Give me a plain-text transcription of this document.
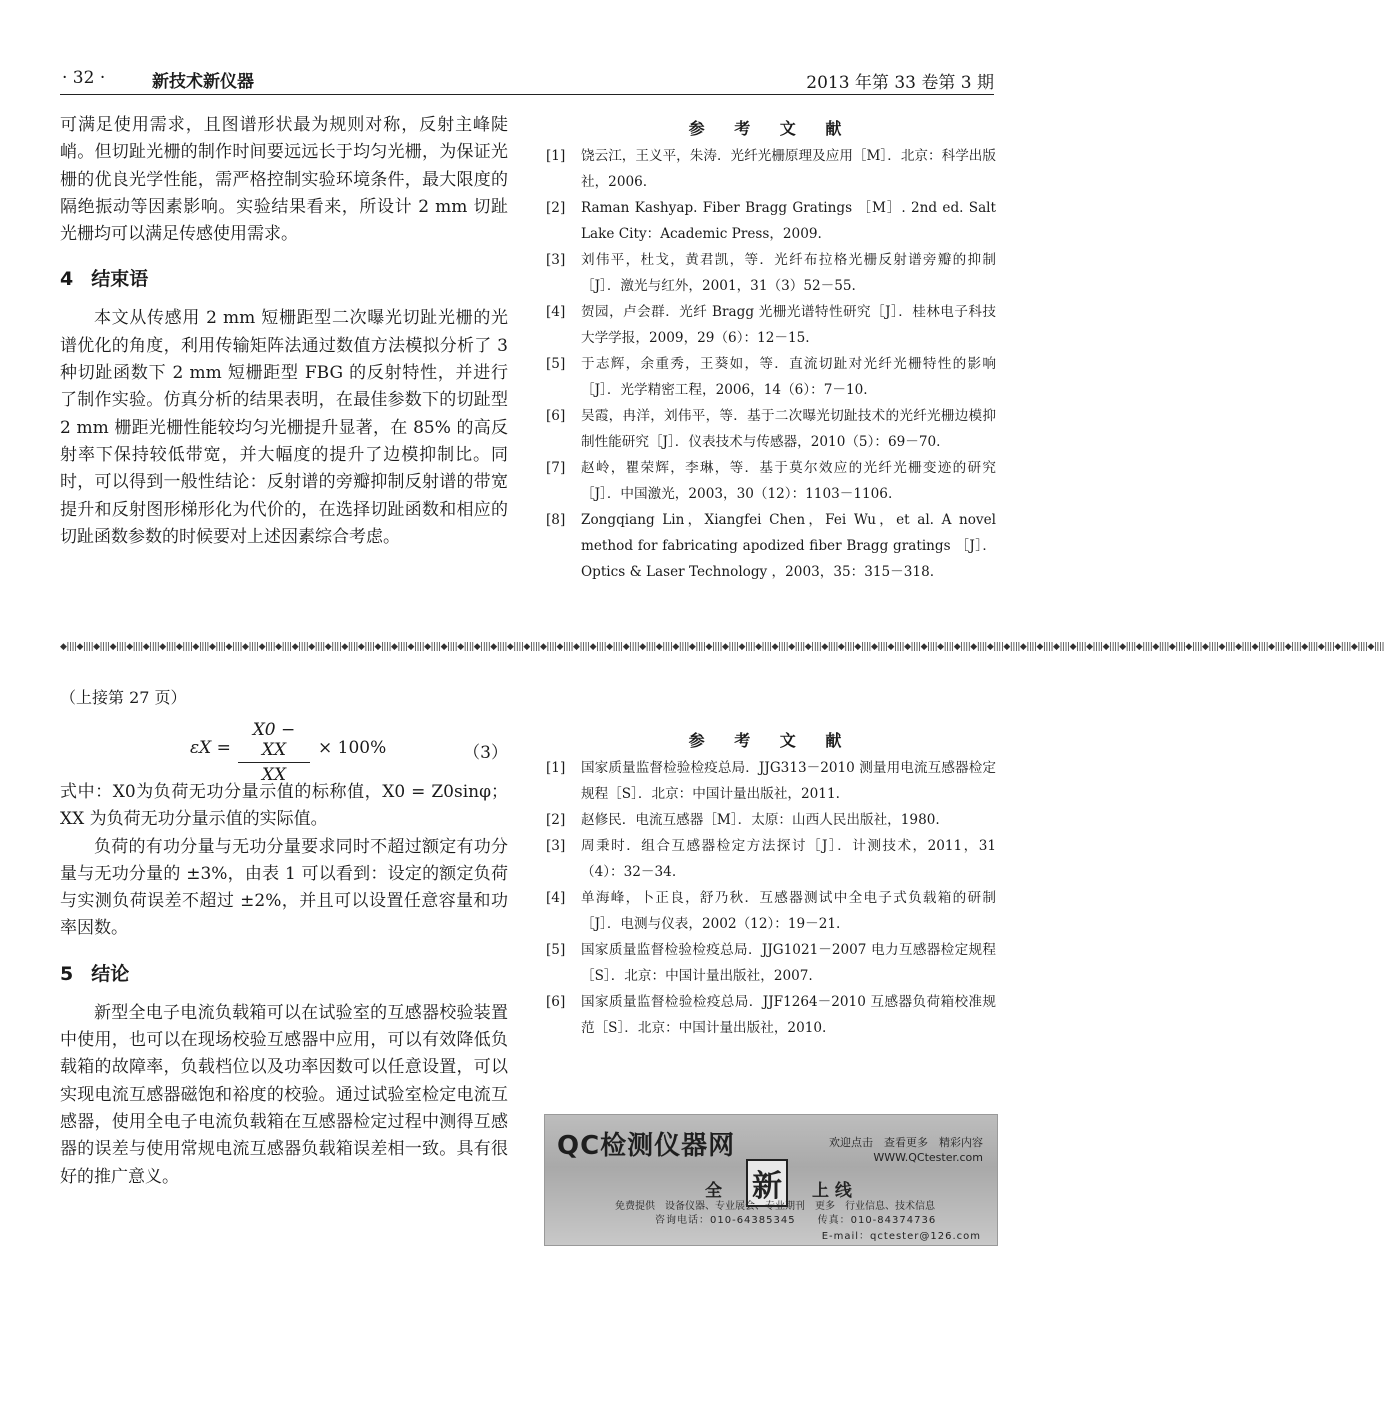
· 32 ·	新技术新仪器	2013 年第 33 卷第 3 期

可满足使用需求，且图谱形状最为规则对称，反射主峰陡峭。但切趾光栅的制作时间要远远长于均匀光栅，为保证光栅的优良光学性能，需严格控制实验环境条件，最大限度的隔绝振动等因素影响。实验结果看来，所设计 2 mm 切趾光栅均可以满足传感使用需求。

4 结束语

本文从传感用 2 mm 短栅距型二次曝光切趾光栅的光谱优化的角度，利用传输矩阵法通过数值方法模拟分析了 3 种切趾函数下 2 mm 短栅距型 FBG 的反射特性，并进行了制作实验。仿真分析的结果表明，在最佳参数下的切趾型 2 mm 栅距光栅性能较均匀光栅提升显著，在 85% 的高反射率下保持较低带宽，并大幅度的提升了边模抑制比。同时，可以得到一般性结论：反射谱的旁瓣抑制反射谱的带宽提升和反射图形梯形化为代价的，在选择切趾函数和相应的切趾函数参数的时候要对上述因素综合考虑。

参 考 文 献

[1] 饶云江，王义平，朱涛．光纤光栅原理及应用［M］．北京：科学出版社，2006.

[2] Raman Kashyap. Fiber Bragg Gratings ［M］. 2nd ed. Salt Lake City：Academic Press，2009.

[3] 刘伟平，杜戈，黄君凯，等．光纤布拉格光栅反射谱旁瓣的抑制［J］．激光与红外，2001，31（3）52－55.

[4] 贺园，卢会群．光纤 Bragg 光栅光谱特性研究［J］．桂林电子科技大学学报，2009，29（6）：12－15.

[5] 于志辉，余重秀，王葵如，等．直流切趾对光纤光栅特性的影响［J］．光学精密工程，2006，14（6）：7－10.

[6] 吴霞，冉洋，刘伟平，等．基于二次曝光切趾技术的光纤光栅边模抑制性能研究［J］．仪表技术与传感器，2010（5）：69－70.

[7] 赵岭，瞿荣辉，李琳，等．基于莫尔效应的光纤光栅变迹的研究［J］．中国激光，2003，30（12）：1103－1106.

[8] Zongqiang Lin，Xiangfei Chen，Fei Wu，et al. A novel method for fabricating apodized fiber Bragg gratings ［J］． Optics & Laser Technology ，2003，35：315－318.

◆||||◆||||◆||||◆||||◆||||◆||||◆||||◆||||◆||||◆||||◆||||◆||||◆||||◆||||◆||||◆||||◆||||◆||||◆||||◆||||◆||||◆||||◆||||◆||||◆||||◆||||◆||||◆||||◆||||◆||||◆||||◆||||◆||||◆||||◆||||◆||||◆||||◆||||◆||||◆||||◆||||◆||||◆||||◆||||◆||||◆||||◆||||◆||||◆||||◆||||◆||||◆||||◆||||◆||||◆||||◆||||◆||||◆||||◆||||◆||||◆||||◆||||◆||||◆||||◆||||◆||||◆||||◆||||◆||||◆||||◆||||◆||||◆||||◆||||◆||||◆||||◆||||◆||||◆||||◆||||
（上接第 27 页）
$\varepsilon X = \frac{X0 - XX}{XX} \times 100\%$	（3）

式中：X0为负荷无功分量示值的标称值，X0 = Z0sinφ；XX 为负荷无功分量示值的实际值。

负荷的有功分量与无功分量要求同时不超过额定有功分量与无功分量的 ±3%，由表 1 可以看到：设定的额定负荷与实测负荷误差不超过 ±2%，并且可以设置任意容量和功率因数。

5 结论

新型全电子电流负载箱可以在试验室的互感器校验装置中使用，也可以在现场校验互感器中应用，可以有效降低负载箱的故障率，负载档位以及功率因数可以任意设置，可以实现电流互感器磁饱和裕度的校验。通过试验室检定电流互感器，使用全电子电流负载箱在互感器检定过程中测得互感器的误差与使用常规电流互感器负载箱误差相一致。具有很好的推广意义。

参 考 文 献

[1] 国家质量监督检验检疫总局．JJG313－2010 测量用电流互感器检定规程［S］．北京：中国计量出版社，2011.

[2] 赵修民．电流互感器［M］．太原：山西人民出版社，1980.

[3] 周秉时．组合互感器检定方法探讨［J］．计测技术，2011，31（4）：32－34.

[4] 单海峰，卜正良，舒乃秋．互感器测试中全电子式负载箱的研制［J］．电测与仪表，2002（12）：19－21.

[5] 国家质量监督检验检疫总局．JJG1021－2007 电力互感器检定规程［S］．北京：中国计量出版社，2007.

[6] 国家质量监督检验检疫总局．JJF1264－2010 互感器负荷箱校准规范［S］．北京：中国计量出版社，2010.

QC检测仪器网	欢迎点击　查看更多　精彩内容
WWW.QCtester.com
全 新 上 线
免费提供　设备仪器、专业展会、专业期刊　更多　行业信息、技术信息
咨询电话：010-64385345　　传真：010-84374736
E-mail：qctester@126.com
